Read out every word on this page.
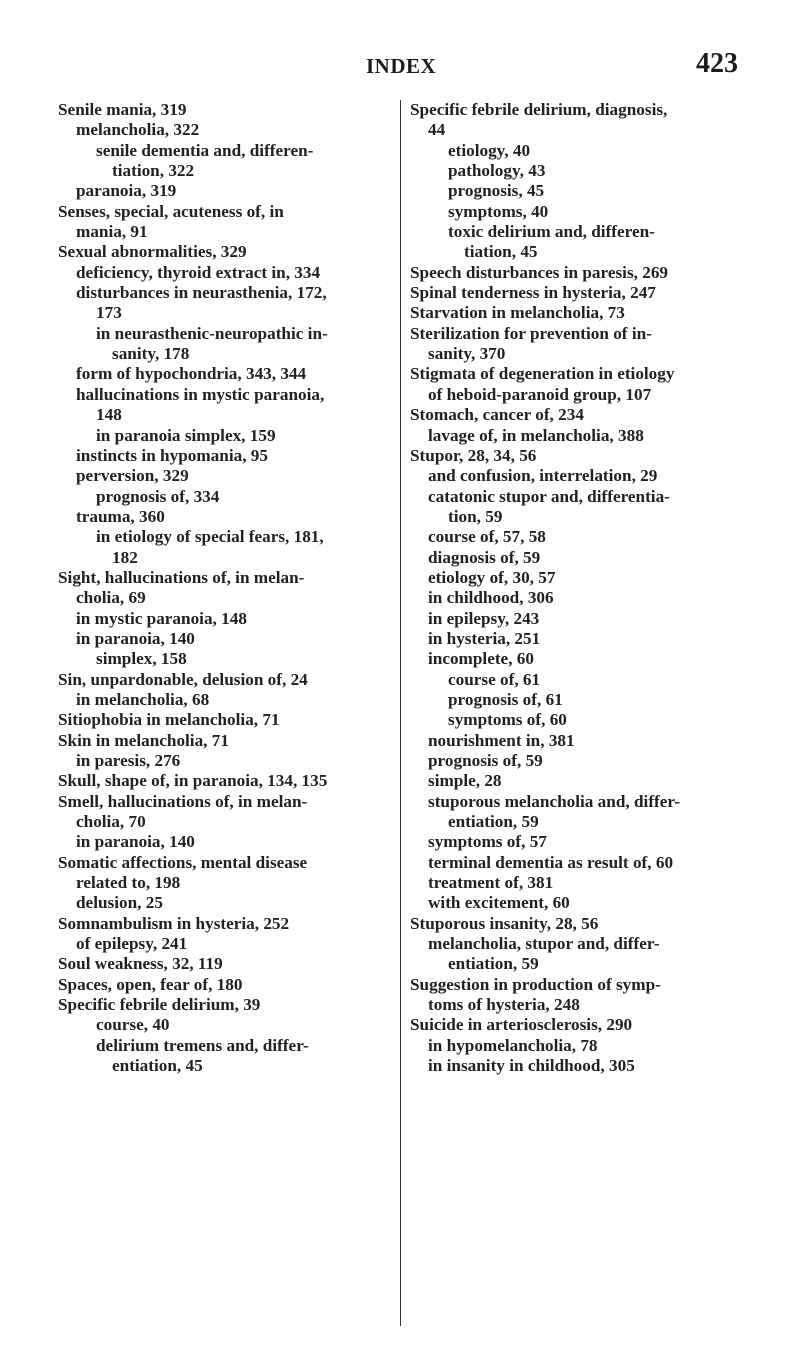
INDEX	423
Senile mania, 319
melancholia, 322
senile dementia and, differen-
tiation, 322
paranoia, 319
Senses, special, acuteness of, in
mania, 91
Sexual abnormalities, 329
deficiency, thyroid extract in, 334
disturbances in neurasthenia, 172,
173
in neurasthenic-neuropathic in-
sanity, 178
form of hypochondria, 343, 344
hallucinations in mystic paranoia,
148
in paranoia simplex, 159
instincts in hypomania, 95
perversion, 329
prognosis of, 334
trauma, 360
in etiology of special fears, 181,
182
Sight, hallucinations of, in melan-
cholia, 69
in mystic paranoia, 148
in paranoia, 140
simplex, 158
Sin, unpardonable, delusion of, 24
in melancholia, 68
Sitiophobia in melancholia, 71
Skin in melancholia, 71
in paresis, 276
Skull, shape of, in paranoia, 134, 135
Smell, hallucinations of, in melan-
cholia, 70
in paranoia, 140
Somatic affections, mental disease
related to, 198
delusion, 25
Somnambulism in hysteria, 252
of epilepsy, 241
Soul weakness, 32, 119
Spaces, open, fear of, 180
Specific febrile delirium, 39
course, 40
delirium tremens and, differ-
entiation, 45
Specific febrile delirium, diagnosis,
44
etiology, 40
pathology, 43
prognosis, 45
symptoms, 40
toxic delirium and, differen-
tiation, 45
Speech disturbances in paresis, 269
Spinal tenderness in hysteria, 247
Starvation in melancholia, 73
Sterilization for prevention of in-
sanity, 370
Stigmata of degeneration in etiology
of heboid-paranoid group, 107
Stomach, cancer of, 234
lavage of, in melancholia, 388
Stupor, 28, 34, 56
and confusion, interrelation, 29
catatonic stupor and, differentia-
tion, 59
course of, 57, 58
diagnosis of, 59
etiology of, 30, 57
in childhood, 306
in epilepsy, 243
in hysteria, 251
incomplete, 60
course of, 61
prognosis of, 61
symptoms of, 60
nourishment in, 381
prognosis of, 59
simple, 28
stuporous melancholia and, differ-
entiation, 59
symptoms of, 57
terminal dementia as result of, 60
treatment of, 381
with excitement, 60
Stuporous insanity, 28, 56
melancholia, stupor and, differ-
entiation, 59
Suggestion in production of symp-
toms of hysteria, 248
Suicide in arteriosclerosis, 290
in hypomelancholia, 78
in insanity in childhood, 305
